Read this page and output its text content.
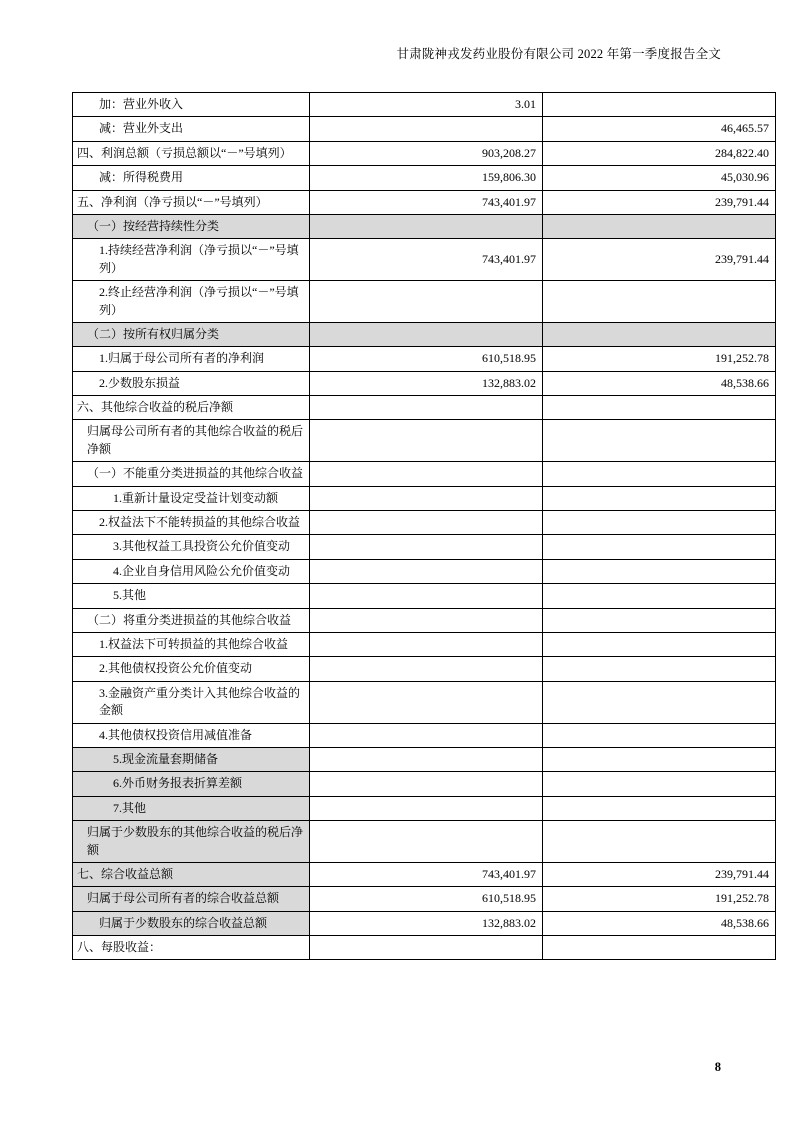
甘肃陇神戎发药业股份有限公司 2022 年第一季度报告全文
加：营业外收入	3.01	
减：营业外支出		46,465.57
四、利润总额（亏损总额以“－”号填列）	903,208.27	284,822.40
减：所得税费用	159,806.30	45,030.96
五、净利润（净亏损以“－”号填列）	743,401.97	239,791.44
（一）按经营持续性分类		
1.持续经营净利润（净亏损以“－”号填列）	743,401.97	239,791.44
2.终止经营净利润（净亏损以“－”号填列）		
（二）按所有权归属分类		
1.归属于母公司所有者的净利润	610,518.95	191,252.78
2.少数股东损益	132,883.02	48,538.66
六、其他综合收益的税后净额		
归属母公司所有者的其他综合收益的税后净额		
（一）不能重分类进损益的其他综合收益		
1.重新计量设定受益计划变动额		
2.权益法下不能转损益的其他综合收益		
3.其他权益工具投资公允价值变动		
4.企业自身信用风险公允价值变动		
5.其他		
（二）将重分类进损益的其他综合收益		
1.权益法下可转损益的其他综合收益		
2.其他债权投资公允价值变动		
3.金融资产重分类计入其他综合收益的金额		
4.其他债权投资信用减值准备		
5.现金流量套期储备		
6.外币财务报表折算差额		
7.其他		
归属于少数股东的其他综合收益的税后净额		
七、综合收益总额	743,401.97	239,791.44
归属于母公司所有者的综合收益总额	610,518.95	191,252.78
归属于少数股东的综合收益总额	132,883.02	48,538.66
八、每股收益：		
8
